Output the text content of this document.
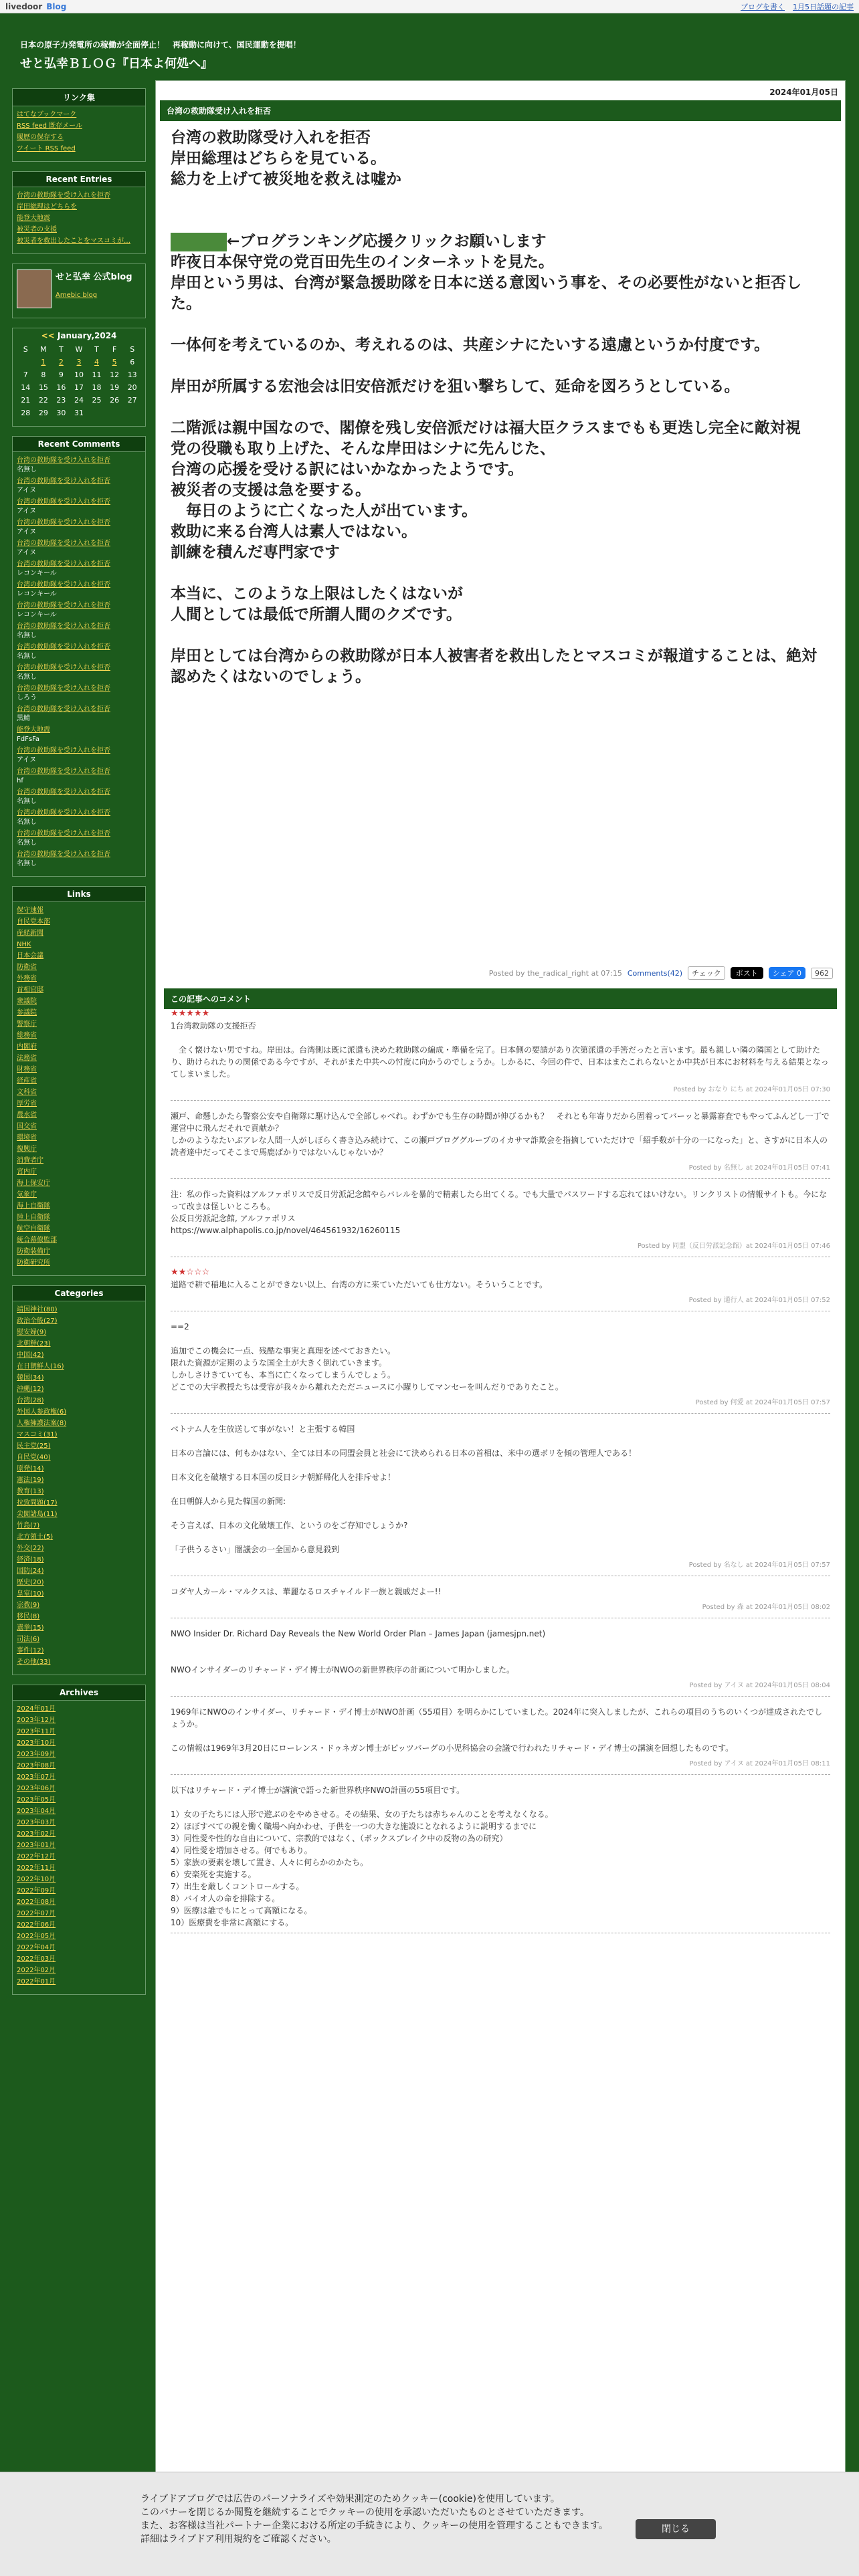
livedoor Blog	ブログを書く 1月5日話題の記事
日本の原子力発電所の稼働が全面停止！　再稼動に向けて、国民運動を提唱！
せと弘幸ＢＬＯＧ『日本よ何処へ』
リンク集
はてなブックマーク
RSS feed 既存メール
履歴の保存する
ツイート RSS feed
Recent Entries
台湾の救助隊を受け入れを拒否
岸田総理はどちらを
能登大地震
被災者の支援
被災者を救出したことをマスコミが…
せと弘幸 公式blog
Amebic blog
<< January,2024
S	M	T	W	T	F	S
	1	2	3	4	5	6
7	8	9	10	11	12	13
14	15	16	17	18	19	20
21	22	23	24	25	26	27
28	29	30	31			
Recent Comments
台湾の救助隊を受け入れを拒否
名無し
台湾の救助隊を受け入れを拒否
アイヌ
台湾の救助隊を受け入れを拒否
アイヌ
台湾の救助隊を受け入れを拒否
アイヌ
台湾の救助隊を受け入れを拒否
アイヌ
台湾の救助隊を受け入れを拒否
レコンキール
台湾の救助隊を受け入れを拒否
レコンキール
台湾の救助隊を受け入れを拒否
レコンキール
台湾の救助隊を受け入れを拒否
名無し
台湾の救助隊を受け入れを拒否
名無し
台湾の救助隊を受け入れを拒否
名無し
台湾の救助隊を受け入れを拒否
しろう
台湾の救助隊を受け入れを拒否
黒鯖
能登大地震
FdFsFa
台湾の救助隊を受け入れを拒否
アイヌ
台湾の救助隊を受け入れを拒否
hf
台湾の救助隊を受け入れを拒否
名無し
台湾の救助隊を受け入れを拒否
名無し
台湾の救助隊を受け入れを拒否
名無し
台湾の救助隊を受け入れを拒否
名無し
Links
保守速報
自民党本部
産経新聞
NHK
日本会議
防衛省
外務省
首相官邸
衆議院
参議院
警察庁
総務省
内閣府
法務省
財務省
経産省
文科省
厚労省
農水省
国交省
環境省
復興庁
消費者庁
宮内庁
海上保安庁
気象庁
海上自衛隊
陸上自衛隊
航空自衛隊
統合幕僚監部
防衛装備庁
防衛研究所
Categories
靖国神社(80)
政治全般(27)
慰安婦(9)
北朝鮮(23)
中国(42)
在日朝鮮人(16)
韓国(34)
沖縄(12)
台湾(28)
外国人参政権(6)
人権擁護法案(8)
マスコミ(31)
民主党(25)
自民党(40)
原発(14)
憲法(19)
教育(13)
拉致問題(17)
尖閣諸島(11)
竹島(7)
北方領土(5)
外交(22)
経済(18)
国防(24)
歴史(20)
皇室(10)
宗教(9)
移民(8)
選挙(15)
司法(6)
事件(12)
その他(33)
Archives
2024年01月
2023年12月
2023年11月
2023年10月
2023年09月
2023年08月
2023年07月
2023年06月
2023年05月
2023年04月
2023年03月
2023年02月
2023年01月
2022年12月
2022年11月
2022年10月
2022年09月
2022年08月
2022年07月
2022年06月
2022年05月
2022年04月
2022年03月
2022年02月
2022年01月
2024年01月05日
台湾の救助隊受け入れを拒否
台湾の救助隊受け入れを拒否
岸田総理はどちらを見ている。
総力を上げて被災地を救えは嘘か
←ブログランキング応援クリックお願いします
昨夜日本保守党の党百田先生のインターネットを見た。
岸田という男は、台湾が緊急援助隊を日本に送る意図いう事を、その必要性がないと拒否した。
一体何を考えているのか、考えれるのは、共産シナにたいする遠慮というか付度です。
岸田が所属する宏池会は旧安倍派だけを狙い撃ちして、延命を図ろうとしている。
二階派は親中国なので、閣僚を残し安倍派だけは福大臣クラスまでもも更迭し完全に敵対視
党の役職も取り上げた、そんな岸田はシナに先んじた、
台湾の応援を受ける訳にはいかなかったようです。
被災者の支援は急を要する。
　毎日のように亡くなった人が出ています。
救助に来る台湾人は素人ではない。
訓練を積んだ専門家です
本当に、このような上限はしたくはないが
人間としては最低で所謂人間のクズです。
岸田としては台湾からの救助隊が日本人被害者を救出したとマスコミが報道することは、絶対認めたくはないのでしょう。
Posted by the_radical_right at 07:15 Comments(42)	チェック	ポスト	シェア 0	962
この記事へのコメント
★★★★★
1台湾救助隊の支援拒否

　全く懐けない男ですね。岸田は。台湾側は既に派遣も決めた救助隊の編成・準備を完了。日本側の要請があり次第派遣の手筈だったと言います。最も親しい隣の隣国として助けたり、助けられたりの関係である今ですが、それがまた中共への忖度に向かうのでしょうか。しかるに、今回の件で、日本はまたこれらないとか中共が日本にお材料を与える結果となってしまいました。
Posted by おなり にち at 2024年01月05日 07:30
瀬戸、命懸しかたら警察公安や自衛隊に駆け込んで全部しゃべれ。わずかでも生存の時間が伸びるかも？　それとも年寄りだから固着ってバーッと暴露審査でもやってふんどし一丁で運営中に飛んだそれで貢献か？
しかのようなたいぶアレな人間一人がしぼらく書き込み続けて、この瀬戸ブロググループのイカサマ詐欺会を指摘していただけで「紹手数が十分の一になった」と、さすがに日本人の読者達中だってそこまで馬鹿ばかりではないんじゃないか？
Posted by 名無し at 2024年01月05日 07:41
注：私の作った資料はアルファポリスで反日労派記念館やらバレルを暴的で精素したら出てくる。でも大量でパスワードする忘れてはいけない。リンクリストの情報サイトも。今になって改まは怪しいところも。
公反日労派記念館, アルファポリス
https://www.alphapolis.co.jp/novel/464561932/16260115
Posted by 同盟（反日労派記念館）at 2024年01月05日 07:46
★★☆☆☆
道路で耕で稲地に入ることができない以上、台湾の方に来ていただいても仕方ない。そういうことです。
Posted by 通行人 at 2024年01月05日 07:52
==2

追加でこの機会に一点、残酷な事実と真理を述べておきたい。
限れた資源が定期のような国全土が大きく倒れていきます。
しかしさけきていても、本当に亡くなってしまうんでしょう。
どこでの大宇教授たちは受容が我々から離れたただニュースに小躍りしてマンセーを叫んだりでありたこと。
Posted by 何愛 at 2024年01月05日 07:57
ベトナム人を生放送して事がない！と主張する韓国

日本の言論には、何もかはない、全ては日本の同盟会員と社会にて決められる日本の首相は、米中の選ボリを傾の管理人である！

日本文化を破壊する日本国の反日シナ朝鮮帰化人を排斥せよ！

在日朝鮮人から見た韓国の新聞:

そう言えば、日本の文化破壊工作、というのをご存知でしょうか?

「子供うるさい」闇議会の一全国から意見殺到
Posted by 名なし at 2024年01月05日 07:57
コダヤ人カール・マルクスは、華麗なるロスチャイルド一族と親戚だよー!!
Posted by 森 at 2024年01月05日 08:02
NWO Insider Dr. Richard Day Reveals the New World Order Plan – James Japan (jamesjpn.net)

NWOインサイダーのリチャード・デイ博士がNWOの新世界秩序の計画について明かしました。
Posted by アイヌ at 2024年01月05日 08:04
1969年にNWOのインサイダー、リチャード・デイ博士がNWO計画（55項目）を明らかにしていました。2024年に突入しましたが、これらの項目のうちのいくつが達成されたでしょうか。

この情報は1969年3月20日にローレンス・ドゥネガン博士がピッツバーグの小児科協会の会議で行われたリチャード・デイ博士の講演を回想したものです。
Posted by アイヌ at 2024年01月05日 08:11
以下はリチャード・デイ博士が講演で語った新世界秩序NWO計画の55項目です。

1）女の子たちには人形で遊ぶのをやめさせる。その結果、女の子たちは赤ちゃんのことを考えなくなる。
2）ほぼすべての親を働く職場へ向かわせ、子供を一つの大きな施設にとなれるように説明するまでに
3）同性愛や性的な自由について、宗教的ではなく、（ボックスブレイク中の反物の為の研究）
4）同性愛を増加させる。何でもあり。
5）家族の要素を壊して置き、人々に何らかのかたち。
6）安楽死を実施する。
7）出生を厳しくコントロールする。
8）バイオ人の命を排除する。
9）医療は誰でもにとって高額になる。
10）医療費を非常に高額にする。
ライブドアブログでは広告のパーソナライズや効果測定のためクッキー(cookie)を使用しています。
このバナーを閉じるか閲覧を継続することでクッキーの使用を承認いただいたものとさせていただきます。
また、お客様は当社パートナー企業における所定の手続きにより、クッキーの使用を管理することもできます。
詳細はライブドア利用規約をご確認ください。
閉じる
